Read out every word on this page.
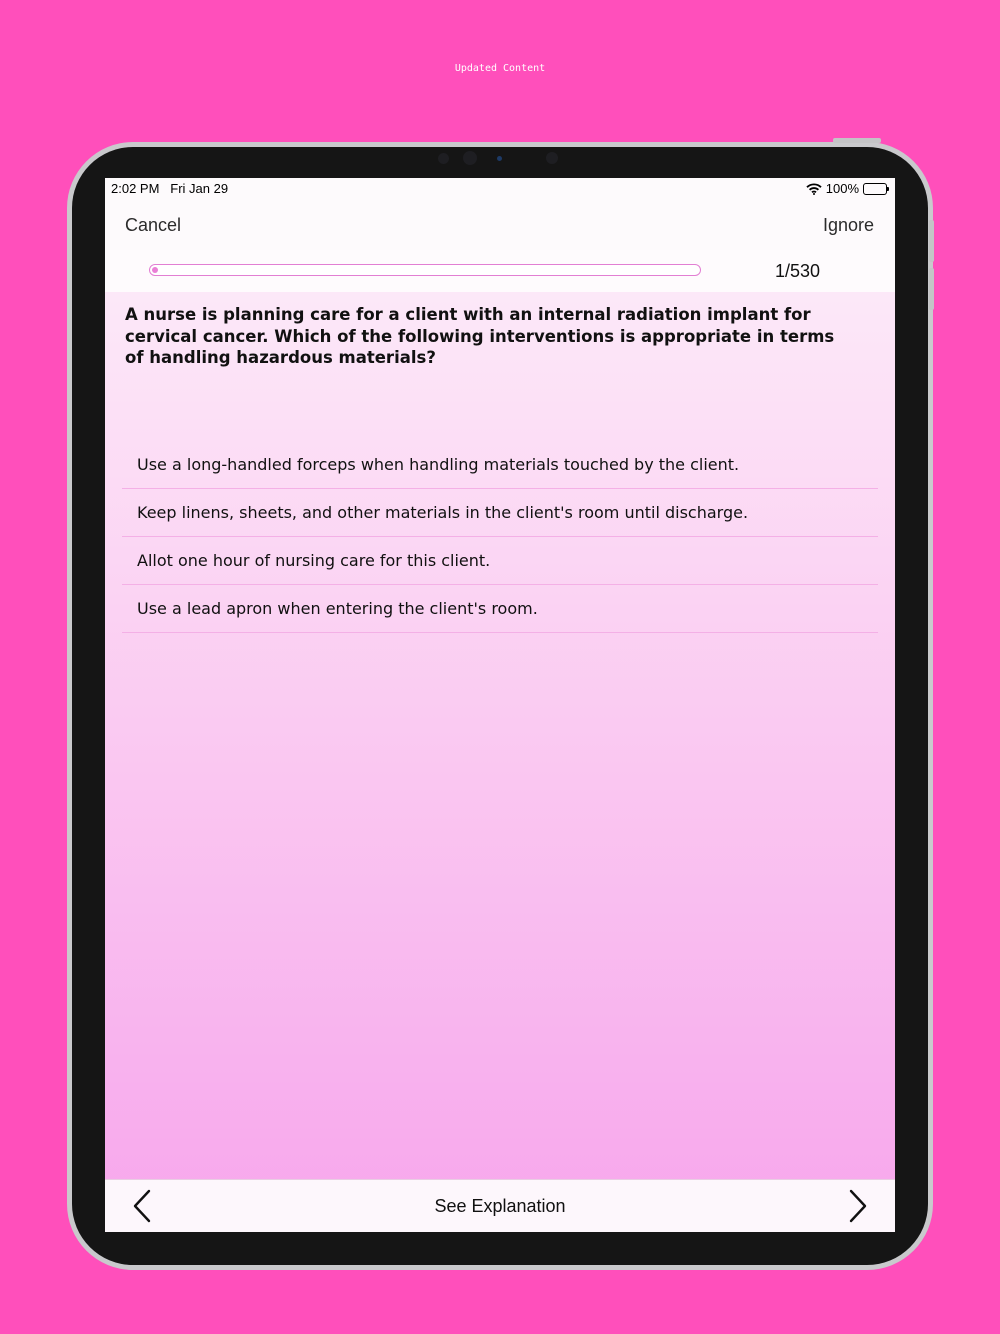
Updated Content
2:02 PM Fri Jan 29	100%
Cancel	Ignore
1/530
A nurse is planning care for a client with an internal radiation implant for cervical cancer. Which of the following interventions is appropriate in terms of handling hazardous materials?
Use a long-handled forceps when handling materials touched by the client.
Keep linens, sheets, and other materials in the client's room until discharge.
Allot one hour of nursing care for this client.
Use a lead apron when entering the client's room.
See Explanation
